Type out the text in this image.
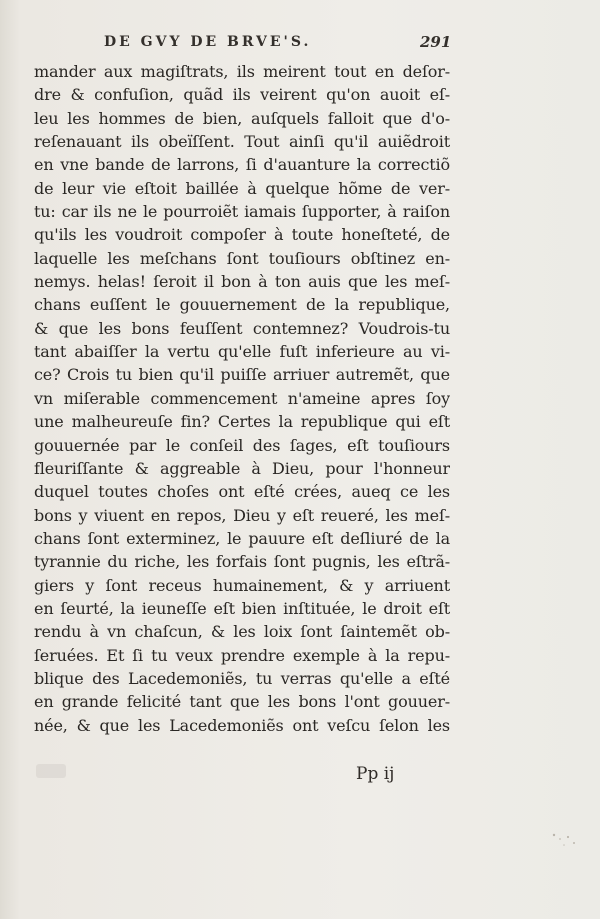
DE GVY DE BRVE'S.	291
mander aux magiſtrats, ils meirent tout en deſor-
dre & confuſion, quãd ils veirent qu'on auoit eſ-
leu les hommes de bien, auſquels falloit que d'o-
reſenauant ils obeïſſent. Tout ainſi qu'il auiẽdroit
en vne bande de larrons, ſi d'auanture la correctiõ
de leur vie eſtoit baillée à quelque hõme de ver-
tu: car ils ne le pourroiẽt iamais ſupporter, à raiſon
qu'ils les voudroit compoſer à toute honeſteté, de
laquelle les meſchans ſont touſiours obſtinez en-
nemys. helas! ſeroit il bon à ton auis que les meſ-
chans euſſent le gouuernement de la republique,
& que les bons feuſſent contemnez? Voudrois-tu
tant abaiſſer la vertu qu'elle fuſt inferieure au vi-
ce? Crois tu bien qu'il puiſſe arriuer autremẽt, que
vn miſerable commencement n'ameine apres ſoy
une malheureuſe fin? Certes la republique qui eſt
gouuernée par le conſeil des ſages, eſt touſiours
fleuriſſante & aggreable à Dieu, pour l'honneur
duquel toutes choſes ont eſté crées, aueq ce les
bons y viuent en repos, Dieu y eſt reueré, les meſ-
chans ſont exterminez, le pauure eſt deſliuré de la
tyrannie du riche, les forfais ſont pugnis, les eſtrã-
giers y ſont receus humainement, & y arriuent
en ſeurté, la ieuneſſe eſt bien inſtituée, le droit eſt
rendu à vn chaſcun, & les loix ſont ſaintemẽt ob-
ſeruées. Et ſi tu veux prendre exemple à la repu-
blique des Lacedemoniẽs, tu verras qu'elle a eſté
en grande felicité tant que les bons l'ont gouuer-
née, & que les Lacedemoniẽs ont veſcu ſelon les
Pp ij
